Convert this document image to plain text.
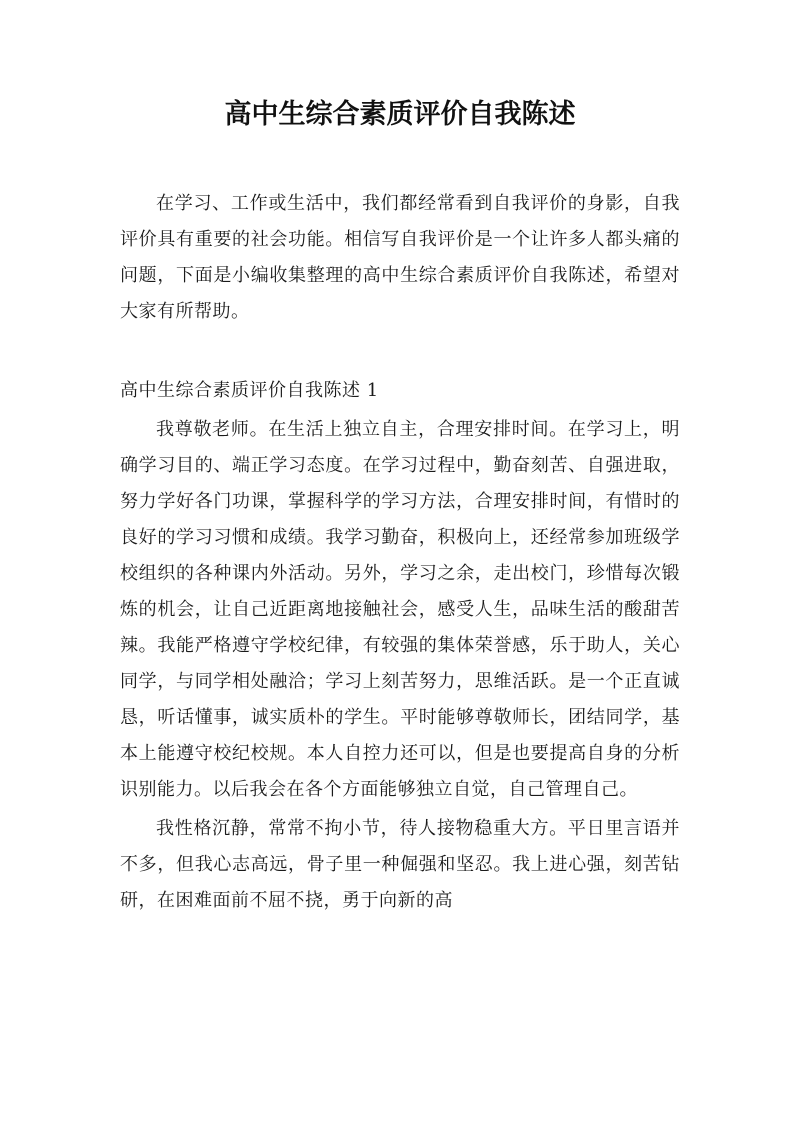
高中生综合素质评价自我陈述

在学习、工作或生活中，我们都经常看到自我评价的身影，自我评价具有重要的社会功能。相信写自我评价是一个让许多人都头痛的问题，下面是小编收集整理的高中生综合素质评价自我陈述，希望对大家有所帮助。

高中生综合素质评价自我陈述 1

我尊敬老师。在生活上独立自主，合理安排时间。在学习上，明确学习目的、端正学习态度。在学习过程中，勤奋刻苦、自强进取，努力学好各门功课，掌握科学的学习方法，合理安排时间，有惜时的良好的学习习惯和成绩。我学习勤奋，积极向上，还经常参加班级学校组织的各种课内外活动。另外，学习之余，走出校门，珍惜每次锻炼的机会，让自己近距离地接触社会，感受人生，品味生活的酸甜苦辣。我能严格遵守学校纪律，有较强的集体荣誉感，乐于助人，关心同学，与同学相处融洽；学习上刻苦努力，思维活跃。是一个正直诚恳，听话懂事，诚实质朴的学生。平时能够尊敬师长，团结同学，基本上能遵守校纪校规。本人自控力还可以，但是也要提高自身的分析识别能力。以后我会在各个方面能够独立自觉，自己管理自己。

我性格沉静，常常不拘小节，待人接物稳重大方。平日里言语并不多，但我心志高远，骨子里一种倔强和坚忍。我上进心强，刻苦钻研，在困难面前不屈不挠，勇于向新的高
